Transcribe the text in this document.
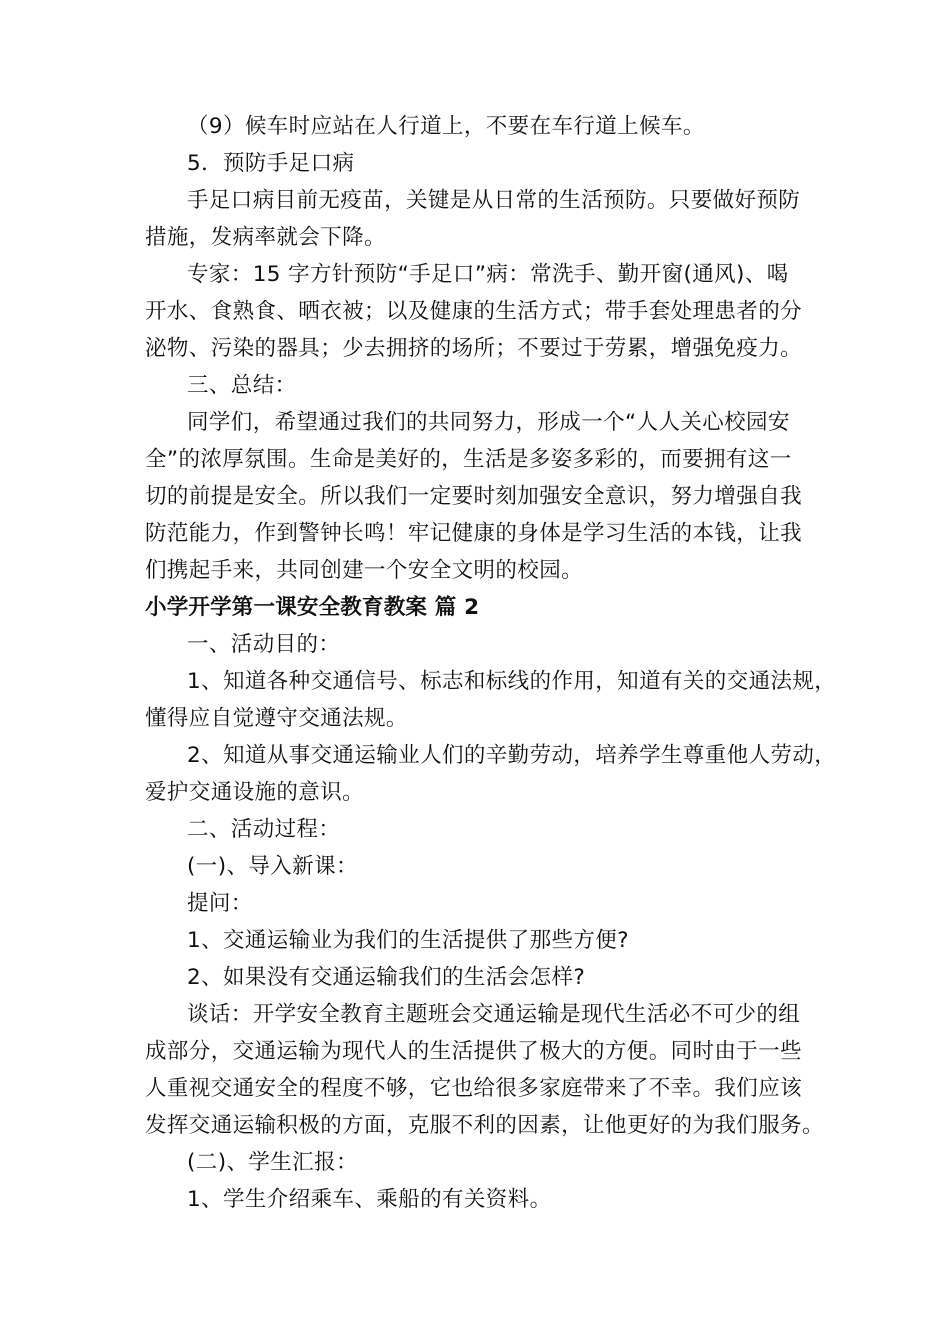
（9）候车时应站在人行道上，不要在车行道上候车。
5．预防手足口病
手足口病目前无疫苗，关键是从日常的生活预防。只要做好预防
措施，发病率就会下降。
专家：15 字方针预防“手足口”病：常洗手、勤开窗(通风)、喝
开水、食熟食、晒衣被；以及健康的生活方式；带手套处理患者的分
泌物、污染的器具；少去拥挤的场所；不要过于劳累，增强免疫力。
三、总结：
同学们，希望通过我们的共同努力，形成一个“人人关心校园安
全”的浓厚氛围。生命是美好的，生活是多姿多彩的，而要拥有这一
切的前提是安全。所以我们一定要时刻加强安全意识，努力增强自我
防范能力，作到警钟长鸣！牢记健康的身体是学习生活的本钱，让我
们携起手来，共同创建一个安全文明的校园。
小学开学第一课安全教育教案 篇 2
一、活动目的：
1、知道各种交通信号、标志和标线的作用，知道有关的交通法规，
懂得应自觉遵守交通法规。
2、知道从事交通运输业人们的辛勤劳动，培养学生尊重他人劳动，
爱护交通设施的意识。
二、活动过程：
(一)、导入新课：
提问：
1、交通运输业为我们的生活提供了那些方便?
2、如果没有交通运输我们的生活会怎样?
谈话：开学安全教育主题班会交通运输是现代生活必不可少的组
成部分，交通运输为现代人的生活提供了极大的方便。同时由于一些
人重视交通安全的程度不够，它也给很多家庭带来了不幸。我们应该
发挥交通运输积极的方面，克服不利的因素，让他更好的为我们服务。
(二)、学生汇报：
1、学生介绍乘车、乘船的有关资料。
